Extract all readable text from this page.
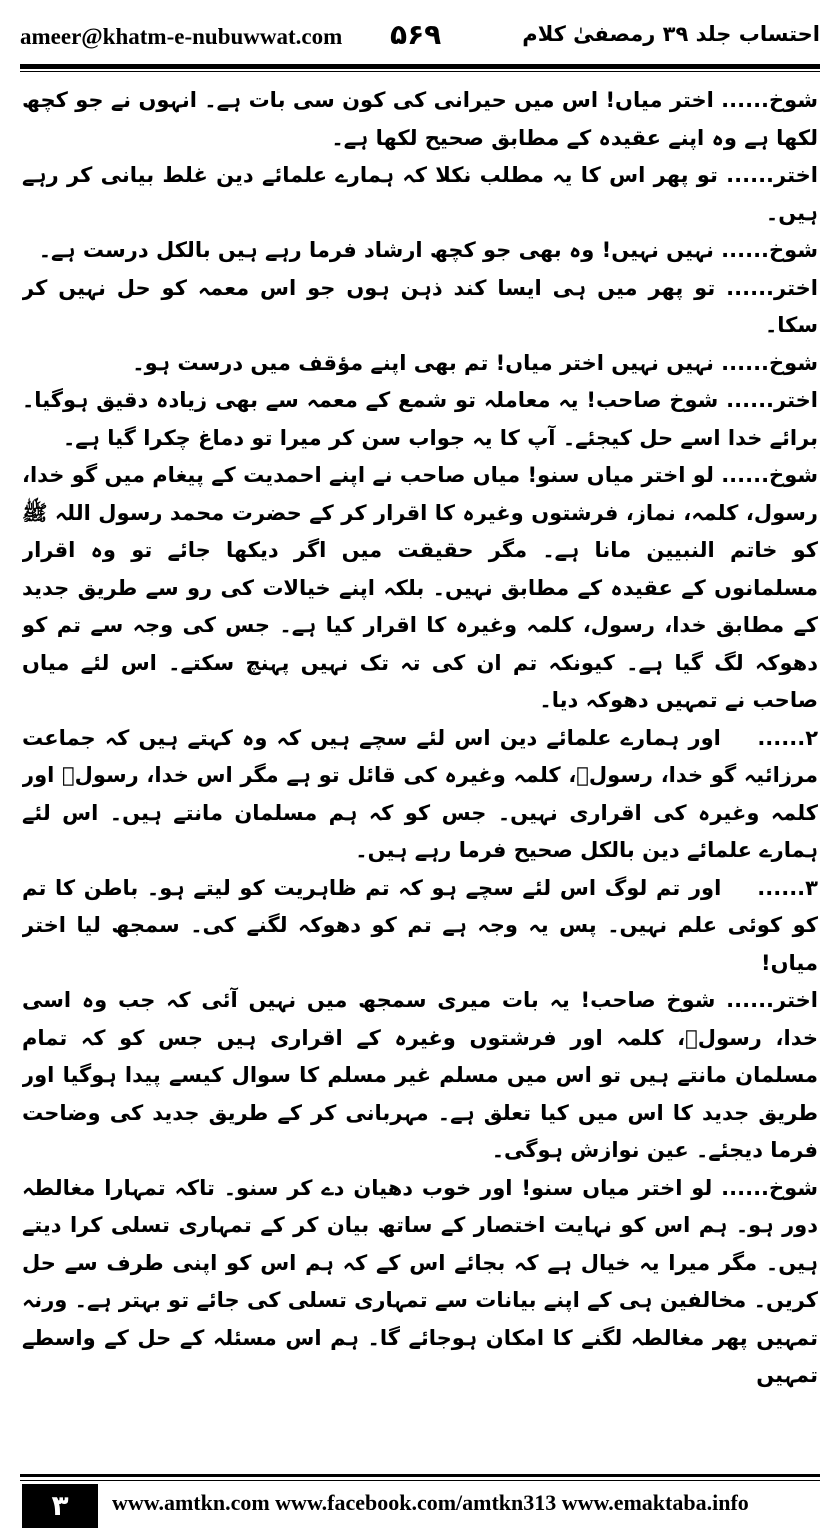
ameer@khatm-e-nubuwwat.com ۵۶۹	احتساب جلد ۳۹ رمصفیٰ کلام

شوخ...... اختر میاں! اس میں حیرانی کی کون سی بات ہے۔ انہوں نے جو کچھ لکھا ہے وہ اپنے عقیدہ کے مطابق صحیح لکھا ہے۔

اختر...... تو پھر اس کا یہ مطلب نکلا کہ ہمارے علمائے دین غلط بیانی کر رہے ہیں۔

شوخ...... نہیں نہیں! وہ بھی جو کچھ ارشاد فرما رہے ہیں بالکل درست ہے۔

اختر...... تو پھر میں ہی ایسا کند ذہن ہوں جو اس معمہ کو حل نہیں کر سکا۔

شوخ...... نہیں نہیں اختر میاں! تم بھی اپنے مؤقف میں درست ہو۔

اختر...... شوخ صاحب! یہ معاملہ تو شمع کے معمہ سے بھی زیادہ دقیق ہوگیا۔ برائے خدا اسے حل کیجئے۔ آپ کا یہ جواب سن کر میرا تو دماغ چکرا گیا ہے۔

شوخ...... لو اختر میاں سنو! میاں صاحب نے اپنے احمدیت کے پیغام میں گو خدا، رسول، کلمہ، نماز، فرشتوں وغیرہ کا اقرار کر کے حضرت محمد رسول اللہ ﷺ کو خاتم النبیین مانا ہے۔ مگر حقیقت میں اگر دیکھا جائے تو وہ اقرار مسلمانوں کے عقیدہ کے مطابق نہیں۔ بلکہ اپنے خیالات کی رو سے طریق جدید کے مطابق خدا، رسول، کلمہ وغیرہ کا اقرار کیا ہے۔ جس کی وجہ سے تم کو دھوکہ لگ گیا ہے۔ کیونکہ تم ان کی تہ تک نہیں پہنچ سکتے۔ اس لئے میاں صاحب نے تمہیں دھوکہ دیا۔

۲...... اور ہمارے علمائے دین اس لئے سچے ہیں کہ وہ کہتے ہیں کہ جماعت مرزائیہ گو خدا، رسولؐ، کلمہ وغیرہ کی قائل تو ہے مگر اس خدا، رسولؐ اور کلمہ وغیرہ کی اقراری نہیں۔ جس کو کہ ہم مسلمان مانتے ہیں۔ اس لئے ہمارے علمائے دین بالکل صحیح فرما رہے ہیں۔

۳...... اور تم لوگ اس لئے سچے ہو کہ تم ظاہریت کو لیتے ہو۔ باطن کا تم کو کوئی علم نہیں۔ پس یہ وجہ ہے تم کو دھوکہ لگنے کی۔ سمجھ لیا اختر میاں!

اختر...... شوخ صاحب! یہ بات میری سمجھ میں نہیں آئی کہ جب وہ اسی خدا، رسولؐ، کلمہ اور فرشتوں وغیرہ کے اقراری ہیں جس کو کہ تمام مسلمان مانتے ہیں تو اس میں مسلم غیر مسلم کا سوال کیسے پیدا ہوگیا اور طریق جدید کا اس میں کیا تعلق ہے۔ مہربانی کر کے طریق جدید کی وضاحت فرما دیجئے۔ عین نوازش ہوگی۔

شوخ...... لو اختر میاں سنو! اور خوب دھیان دے کر سنو۔ تاکہ تمہارا مغالطہ دور ہو۔ ہم اس کو نہایت اختصار کے ساتھ بیان کر کے تمہاری تسلی کرا دیتے ہیں۔ مگر میرا یہ خیال ہے کہ بجائے اس کے کہ ہم اس کو اپنی طرف سے حل کریں۔ مخالفین ہی کے اپنے بیانات سے تمہاری تسلی کی جائے تو بہتر ہے۔ ورنہ تمہیں پھر مغالطہ لگنے کا امکان ہوجائے گا۔ ہم اس مسئلہ کے حل کے واسطے تمہیں

۳	www.amtkn.com www.facebook.com/amtkn313 www.emaktaba.info
